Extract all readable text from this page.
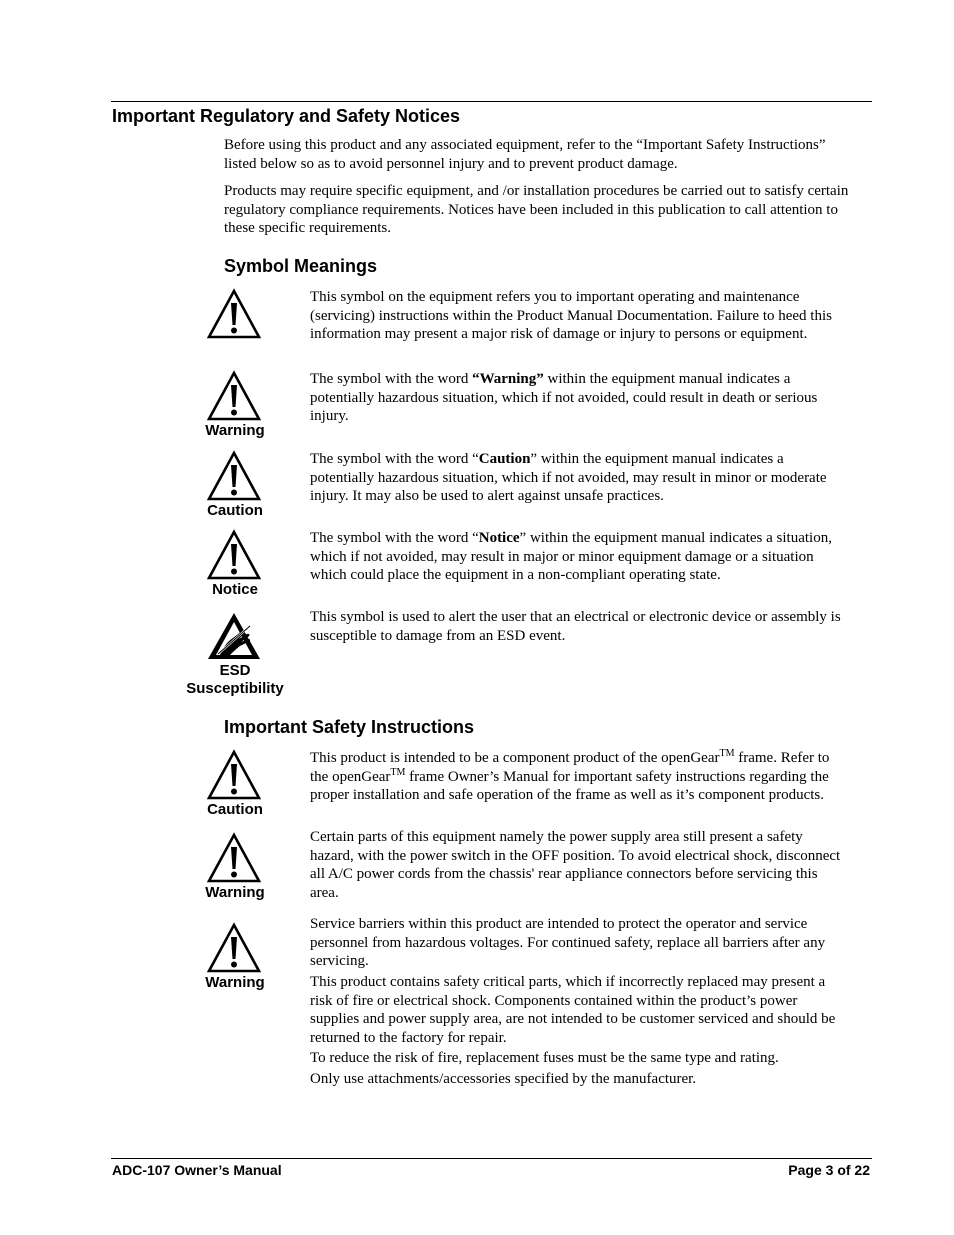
Important Regulatory and Safety Notices

Before using this product and any associated equipment, refer to the “Important Safety Instructions” listed below so as to avoid personnel injury and to prevent product damage.

Products may require specific equipment, and /or installation procedures be carried out to satisfy certain regulatory compliance requirements. Notices have been included in this publication to call attention to these specific requirements.

Symbol Meanings

This symbol on the equipment refers you to important operating and maintenance (servicing) instructions within the Product Manual Documentation. Failure to heed this information may present a major risk of damage or injury to persons or equipment.

Warning

The symbol with the word “Warning” within the equipment manual indicates a potentially hazardous situation, which if not avoided, could result in death or serious injury.

Caution

The symbol with the word “Caution” within the equipment manual indicates a potentially hazardous situation, which if not avoided, may result in minor or moderate injury. It may also be used to alert against unsafe practices.

Notice

The symbol with the word “Notice” within the equipment manual indicates a situation, which if not avoided, may result in major or minor equipment damage or a situation which could place the equipment in a non-compliant operating state.

ESD
Susceptibility

This symbol is used to alert the user that an electrical or electronic device or assembly is susceptible to damage from an ESD event.

Important Safety Instructions
Caution

This product is intended to be a component product of the openGear™ frame. Refer to the openGear™ frame Owner’s Manual for important safety instructions regarding the proper installation and safe operation of the frame as well as it’s component products.

Warning

Certain parts of this equipment namely the power supply area still present a safety hazard, with the power switch in the OFF position. To avoid electrical shock, disconnect all A/C power cords from the chassis' rear appliance connectors before servicing this area.

Warning

Service barriers within this product are intended to protect the operator and service personnel from hazardous voltages. For continued safety, replace all barriers after any servicing.

This product contains safety critical parts, which if incorrectly replaced may present a risk of fire or electrical shock. Components contained within the product’s power supplies and power supply area, are not intended to be customer serviced and should be returned to the factory for repair.

To reduce the risk of fire, replacement fuses must be the same type and rating.

Only use attachments/accessories specified by the manufacturer.

ADC-107 Owner’s Manual	Page 3 of 22
